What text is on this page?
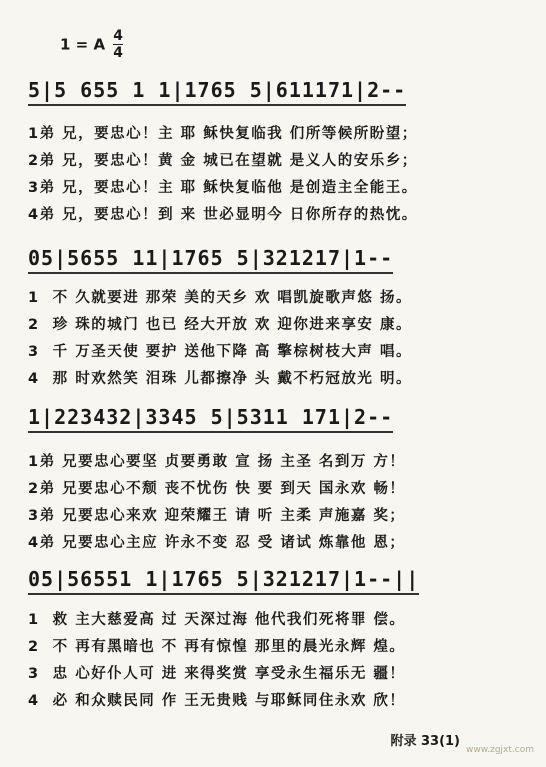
1 = A $\frac{4}{4}$
5|5 655 1 1|1765 5|611171|2--
1弟 兄，要忠心！主 耶 稣快复临我 们所等候所盼望；
2弟 兄，要忠心！黄 金 城已在望就 是义人的安乐乡；
3弟 兄，要忠心！主 耶 稣快复临他 是创造主全能王。
4弟 兄，要忠心！到 来 世必显明今 日你所存的热忱。
05|5655 11|1765 5|321217|1--
1  不 久就要进 那荣 美的天乡 欢 唱凯旋歌声悠 扬。
2  珍 珠的城门 也已 经大开放 欢 迎你进来享安 康。
3  千 万圣天使 要护 送他下降 高 擎棕树枝大声 唱。
4  那 时欢然笑 泪珠 儿都擦净 头 戴不朽冠放光 明。
1|223432|3345 5|5311 171|2--
1弟 兄要忠心要坚 贞要勇敢 宣 扬 主圣 名到万 方！
2弟 兄要忠心不颓 丧不忧伤 快 要 到天 国永欢 畅！
3弟 兄要忠心来欢 迎荣耀王 请 听 主柔 声施嘉 奖；
4弟 兄要忠心主应 许永不变 忍 受 诸试 炼靠他 恩；
05|56551 1|1765 5|321217|1--||
1  救 主大慈爱高 过 天深过海 他代我们死将罪 偿。
2  不 再有黑暗也 不 再有惊惶 那里的晨光永辉 煌。
3  忠 心好仆人可 进 来得奖赏 享受永生福乐无 疆！
4  必 和众赎民同 作 王无贵贱 与耶稣同住永欢 欣！
附录 33(1)
www.zgjxt.com
